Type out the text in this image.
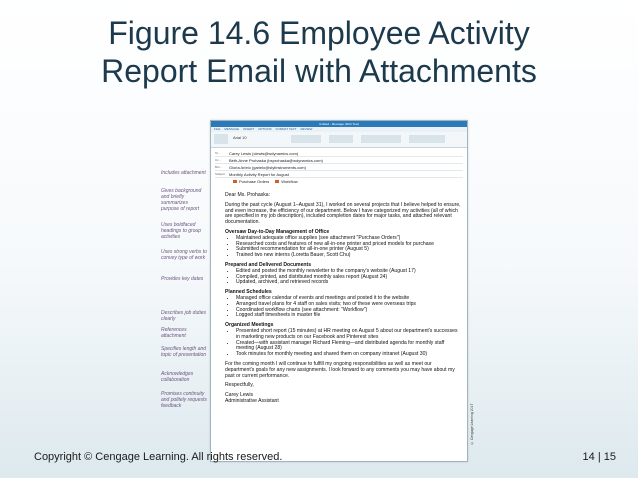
Figure 14.6 Employee Activity
Report Email with Attachments
Includes attachment
Gives background and briefly summarizes purpose of report
Uses boldfaced headings to group activities
Uses strong verbs to convey type of work
Provides key dates
Describes job duties clearly
References attachment
Specifies length and topic of presentation
Acknowledges collaboration
Promises continuity and politely requests feedback
Untitled - Message (Rich Text)
FILE MESSAGE INSERT OPTIONS FORMAT TEXT REVIEW
Arial 10
To...	Carey Lewis (clewis@wdynamics.com)
Cc...	Beth-Anne Prohaska (bsprohaska@wdynamics.com)
Bcc...	Gloria Arielo (garielo@stylinstruments.com)
Subject Monthly Activity Report for August
Purchase Orders	Workflow

Dear Ms. Prohaska:

During the past cycle (August 1–August 31), I worked on several projects that I believe helped to ensure, and even increase, the efficiency of our department. Below I have categorized my activities (all of which are specified in my job description), included completion dates for major tasks, and attached relevant documentation.

Oversaw Day-to-Day Management of Office
• Maintained adequate office supplies (see attachment "Purchase Orders")
• Researched costs and features of new all-in-one printer and priced models for purchase
• Submitted recommendation for all-in-one printer (August 5)
• Trained two new interns (Loretta Bauer, Scott Chu)
Prepared and Delivered Documents
• Edited and posted the monthly newsletter to the company's website (August 17)
• Compiled, printed, and distributed monthly sales report (August 24)
• Updated, archived, and retrieved records
Planned Schedules
• Managed office calendar of events and meetings and posted it to the website
• Arranged travel plans for 4 staff on sales visits; two of these were overseas trips
• Coordinated workflow charts (see attachment: "Workflow")
• Logged staff timesheets in master file
Organized Meetings
• Presented short report (15 minutes) at HR meeting on August 5 about our department's successes in marketing new products on our Facebook and Pinterest sites
• Created—with assistant manager Richard Fleming—and distributed agenda for monthly staff meeting (August 28)
• Took minutes for monthly meeting and shared them on company intranet (August 30)

For the coming month I will continue to fulfill my ongoing responsibilities as well as meet our department's goals for any new assignments. I look forward to any comments you may have about my past or current performance.

Respectfully,

Carey Lewis
Administrative Assistant
© Cengage Learning 2017
Copyright © Cengage Learning. All rights reserved.	14 | 15
